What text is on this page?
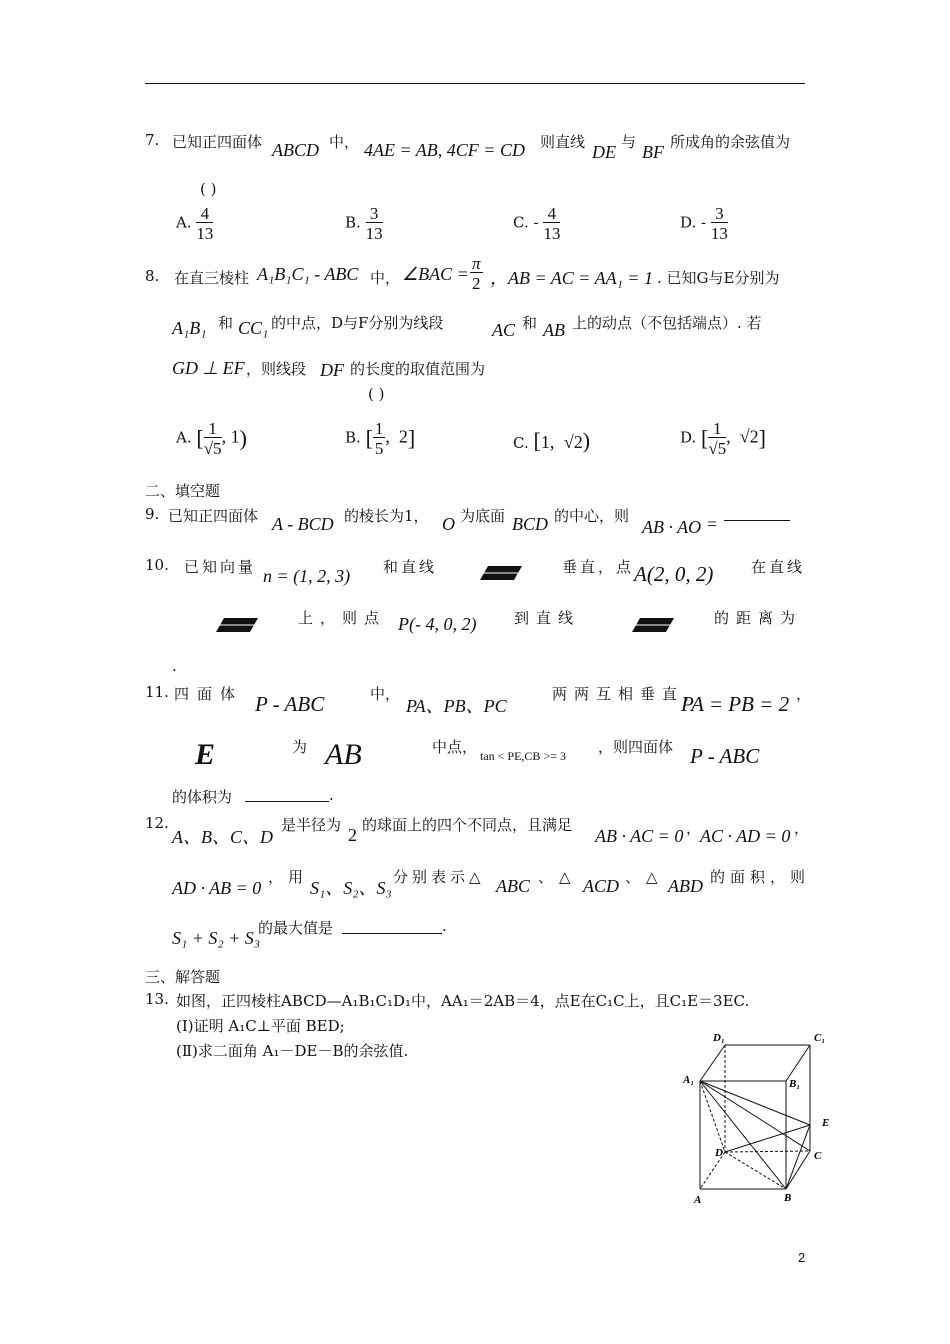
7. 已知正四面体 ABCD 中， 4AE = AB, 4CF = CD 则直线 DE 与 BF 所成角的余弦值为
( )
A. $\frac{4}{13}$	B. $\frac{3}{13}$	C. - $\frac{4}{13}$	D. - $\frac{3}{13}$
8. 在直三棱柱 A₁B₁C₁ - ABC 中， ∠BAC = $\frac{\pi}{2}$ ，AB = AC = AA₁ = 1 . 已知G与E分别为
A₁B₁ 和 CC₁ 的中点，D与F分别为线段	AC 和 AB 上的动点（不包括端点）. 若
GD ⊥ EF ，则线段 DF 的长度的取值范围为
( )
A. [ $\frac{1}{√5}$ , 1)	B. [ $\frac{1}{5}$ ,  2]	C. [1, √2)	D. [ $\frac{1}{√5}$ ,  √2]
二、填空题
9. 已知正四面体 A - BCD 的棱长为1， O 为底面 BCD 的中心，则
AB · AO =
10. 已知向量 n = (1, 2, 3) 和直线	垂直，点 A(2, 0, 2)	在直线
上，则点 P(- 4, 0, 2)	到直线	的距离为
.
11. 四面体 P - ABC	中，
PA、PB、PC
两两互相垂直，
PA = PB = 2 ，
E	为 AB	中点， tan < PE,CB >= 3 ，则四面体 P - ABC
的体积为	.
12.
A、B、C、D
是半径为 2 的球面上的四个不同点，且满足
AB · AC = 0 ，
AC · AD = 0 ，
AD · AB = 0
，用
S₁、S₂、S₃
分别表示△ ABC 、△ ACD 、△ ABD 的面积，则
S₁ + S₂ + S₃
的最大值是	.
三、解答题
13. 如图，正四棱柱ABCD—A₁B₁C₁D₁中，AA₁＝2AB＝4，点E在C₁C上，且C₁E＝3EC.
(Ⅰ)证明 A₁C⊥平面 BED;
(Ⅱ)求二面角 A₁－DE－B的余弦值.
D₁	C₁
A₁	B₁
E
D	C
A	B
2
